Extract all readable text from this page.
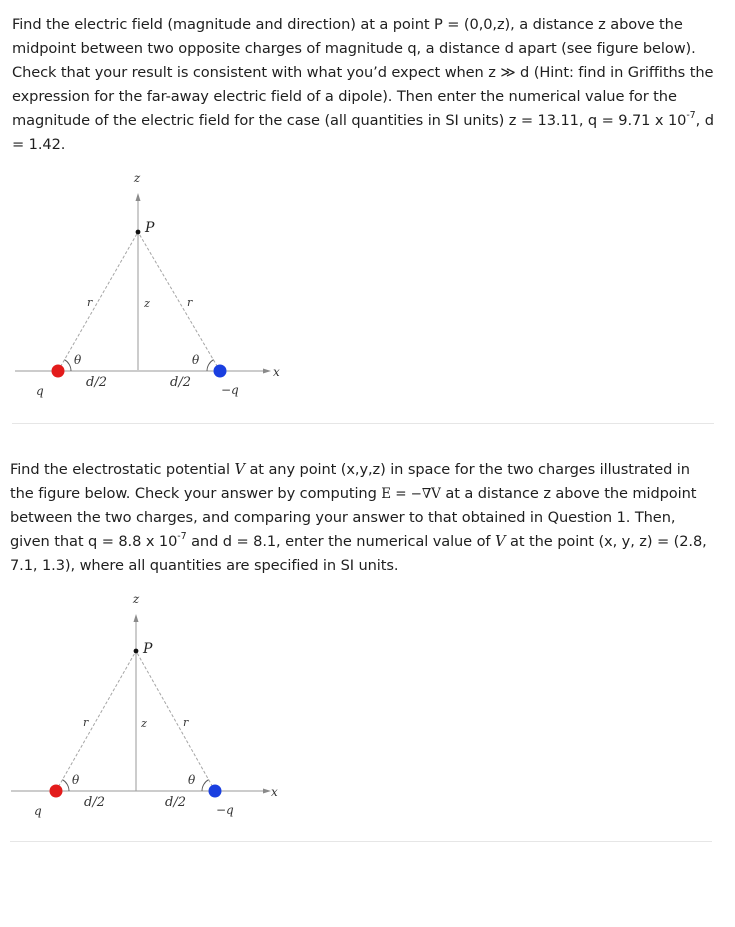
Find the electric field (magnitude and direction) at a point P = (0,0,z), a distance z above the midpoint between two opposite charges of magnitude q, a distance d apart (see figure below). Check that your result is consistent with what you’d expect when z ≫ d (Hint: find in Griffiths the expression for the far-away electric field of a dipole). Then enter the numerical value for the magnitude of the electric field for the case (all quantities in SI units) z = 13.11, q = 9.71 x $10^{-7}$, d = 1.42.
z
P
r	r
z
θ	θ
d/2	d/2
x
q	−q
Find the electrostatic potential V at any point (x,y,z) in space for the two charges illustrated in the figure below. Check your answer by computing E = −∇V at a distance z above the midpoint between the two charges, and comparing your answer to that obtained in Question 1. Then, given that q = 8.8 x $10^{-7}$ and d = 8.1, enter the numerical value of V at the point (x, y, z) = (2.8, 7.1, 1.3), where all quantities are specified in SI units.
z
P
r	r
z
θ	θ
d/2	d/2
x
q	−q
